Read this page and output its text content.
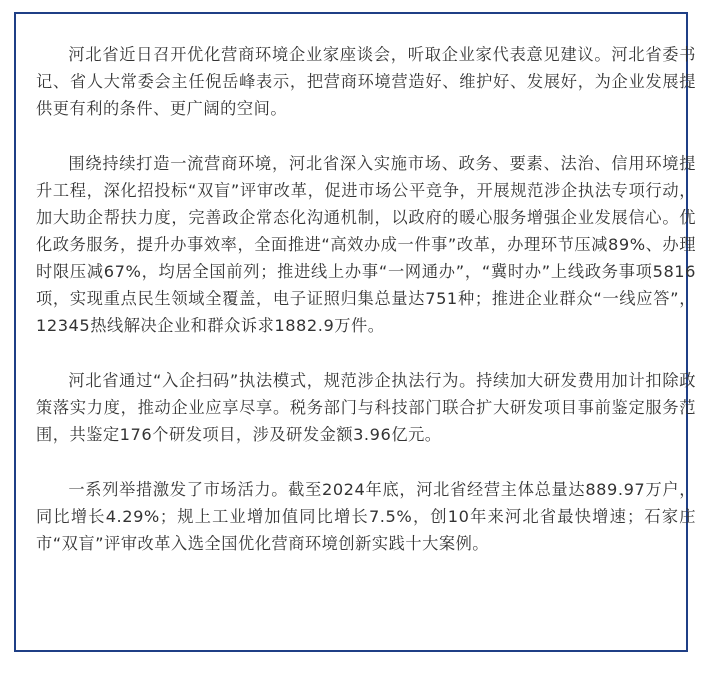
河北省近日召开优化营商环境企业家座谈会，听取企业家代表意见建议。河北省委书记、省人大常委会主任倪岳峰表示，把营商环境营造好、维护好、发展好，为企业发展提供更有利的条件、更广阔的空间。

围绕持续打造一流营商环境，河北省深入实施市场、政务、要素、法治、信用环境提升工程，深化招投标“双盲”评审改革，促进市场公平竞争，开展规范涉企执法专项行动，加大助企帮扶力度，完善政企常态化沟通机制，以政府的暖心服务增强企业发展信心。优化政务服务，提升办事效率，全面推进“高效办成一件事”改革，办理环节压减89%、办理时限压减67%，均居全国前列；推进线上办事“一网通办”，“冀时办”上线政务事项5816项，实现重点民生领域全覆盖，电子证照归集总量达751种；推进企业群众“一线应答”，12345热线解决企业和群众诉求1882.9万件。

河北省通过“入企扫码”执法模式，规范涉企执法行为。持续加大研发费用加计扣除政策落实力度，推动企业应享尽享。税务部门与科技部门联合扩大研发项目事前鉴定服务范围，共鉴定176个研发项目，涉及研发金额3.96亿元。

一系列举措激发了市场活力。截至2024年底，河北省经营主体总量达889.97万户，同比增长4.29%；规上工业增加值同比增长7.5%，创10年来河北省最快增速；石家庄市“双盲”评审改革入选全国优化营商环境创新实践十大案例。
